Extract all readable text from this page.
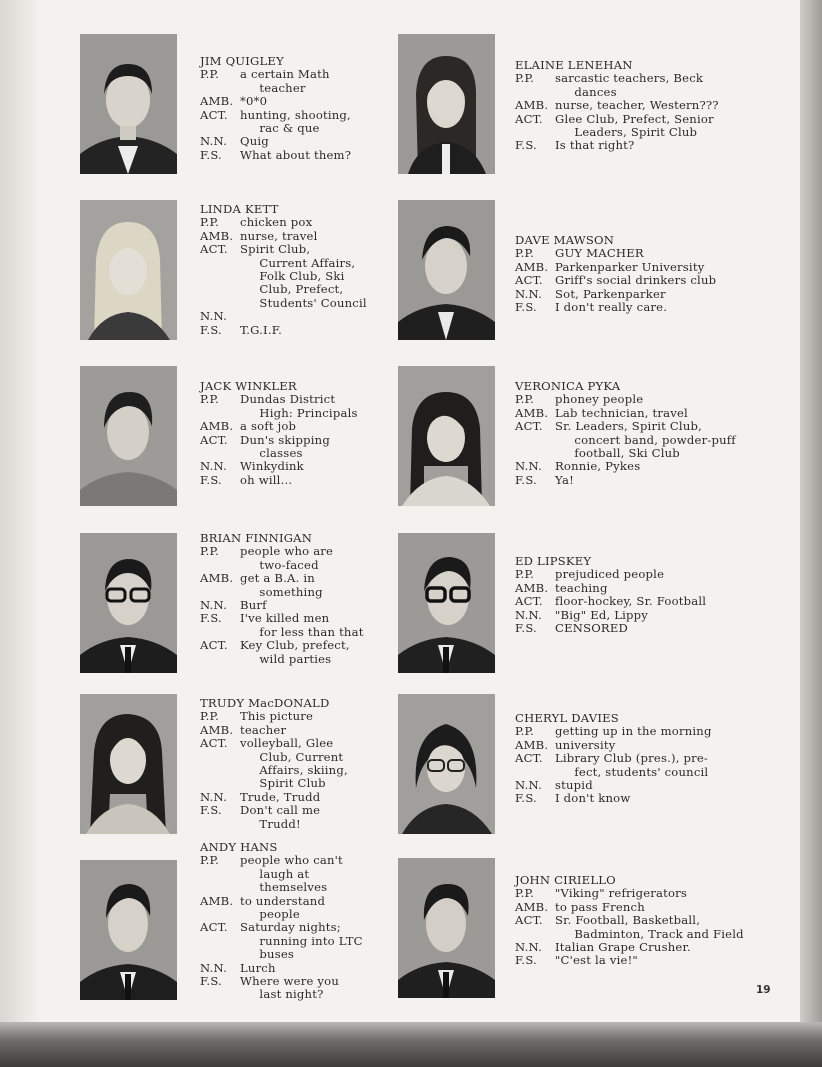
JIM QUIGLEY
P.P.	a certain Math
teacher
AMB. *0*0
ACT.	hunting, shooting,
rac & que
N.N.	Quig
F.S.	What about them?
ELAINE LENEHAN
P.P.	sarcastic teachers, Beck
dances
AMB. nurse, teacher, Western???
ACT.	Glee Club, Prefect, Senior
Leaders, Spirit Club
F.S.	Is that right?
LINDA KETT
P.P.	chicken pox
AMB. nurse, travel
ACT.	Spirit Club,
Current Affairs,
Folk Club, Ski
Club, Prefect,
Students' Council
N.N.
F.S.	T.G.I.F.
DAVE MAWSON
P.P.	GUY MACHER
AMB. Parkenparker University
ACT.	Griff's social drinkers club
N.N.	Sot, Parkenparker
F.S.	I don't really care.
JACK WINKLER
P.P.	Dundas District
High: Principals
AMB. a soft job
ACT.	Dun's skipping
classes
N.N.	Winkydink
F.S.	oh will...
VERONICA PYKA
P.P.	phoney people
AMB. Lab technician, travel
ACT.	Sr. Leaders, Spirit Club,
concert band, powder-puff
football, Ski Club
N.N.	Ronnie, Pykes
F.S.	Ya!
BRIAN FINNIGAN
P.P.	people who are
two-faced
AMB. get a B.A. in
something
N.N.	Burf
F.S.	I've killed men
for less than that
ACT.	Key Club, prefect,
wild parties
ED LIPSKEY
P.P.	prejudiced people
AMB. teaching
ACT.	floor-hockey, Sr. Football
N.N.	"Big" Ed, Lippy
F.S.	CENSORED
TRUDY MacDONALD
P.P.	This picture
AMB. teacher
ACT.	volleyball, Glee
Club, Current
Affairs, skiing,
Spirit Club
N.N.	Trude, Trudd
F.S.	Don't call me
Trudd!
CHERYL DAVIES
P.P.	getting up in the morning
AMB. university
ACT.	Library Club (pres.), pre-
fect, students' council
N.N.	stupid
F.S.	I don't know
ANDY HANS
P.P.	people who can't
laugh at
themselves
AMB. to understand
people
ACT.	Saturday nights;
running into LTC
buses
N.N.	Lurch
F.S.	Where were you
last night?
JOHN CIRIELLO
P.P.	"Viking" refrigerators
AMB. to pass French
ACT.	Sr. Football, Basketball,
Badminton, Track and Field
N.N.	Italian Grape Crusher.
F.S.	"C'est la vie!"
19
